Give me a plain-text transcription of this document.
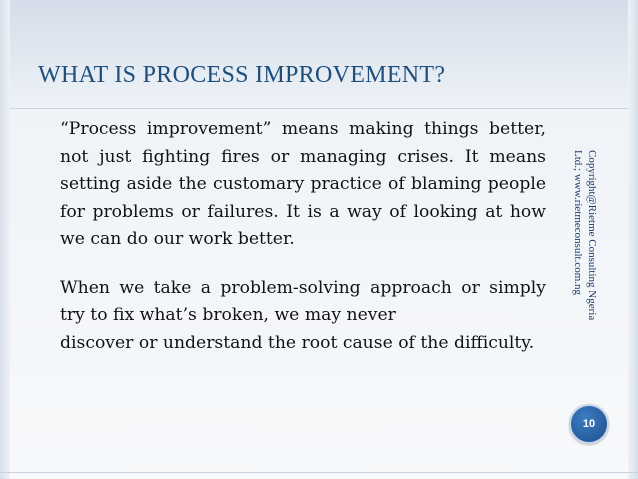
WHAT IS PROCESS IMPROVEMENT?

“Process improvement” means making things better, not just fighting fires or managing crises. It means setting aside the customary practice of blaming people for problems or failures. It is a way of looking at how we can do our work better.

When we take a problem-solving approach or simply try to fix what’s broken, we may never
discover or understand the root cause of the difficulty.

Copyright@Rietme Consulting Ngeria
Ltd.; www.rietmeconsult.com.ng
10
